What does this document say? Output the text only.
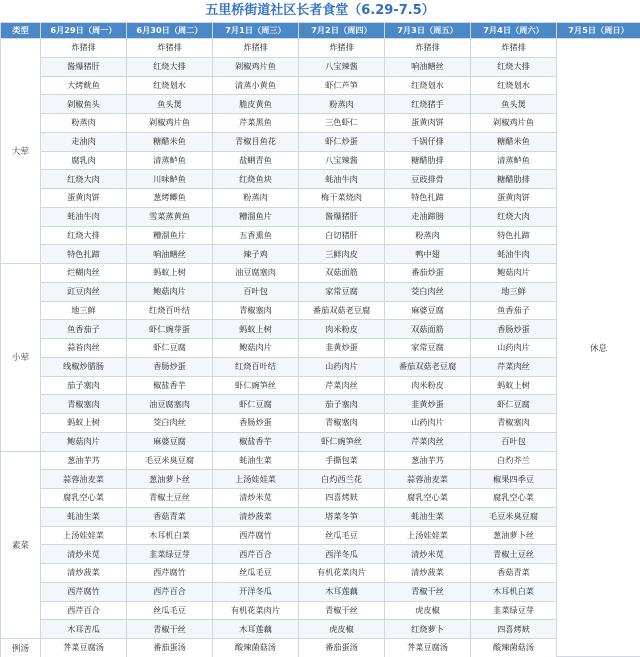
五里桥街道社区长者食堂（6.29-7.5）
类型	6月29日（周一）	6月30日（周二）	7月1日（周三）	7月2日（周四）	7月3日（周五）	7月4日（周六）	7月5日（周日）
大荤	炸猪排	炸猪排	炸猪排	炸猪排	炸猪排	炸猪排	休息
	酱爆猪肝	红烧大排	剁椒鸡片鱼	八宝辣酱	响油鳝丝	红烧大排	
	大烤鱿鱼	红烧划水	清蒸小黄鱼	虾仁芦笋	红烧划水	红烧划水	
	剁椒鱼头	鱼头煲	脆皮黄鱼	粉蒸肉	红烧猪手	鱼头煲	
	粉蒸肉	剁椒鸡片鱼	芹菜黑鱼	三色虾仁	蛋黄肉饼	剁椒鸡片鱼	
	走油肉	糖醋米鱼	青椒目鱼花	虾仁炒蛋	千锅仔排	糖醋米鱼	
	腐乳肉	清蒸鲈鱼	盐蜊青鱼	八宝辣酱	糖醋肋排	清蒸鲈鱼	
	红烧大肉	川味鲈鱼	红烧鱼块	蚝油牛肉	豆豉排骨	糖醋肋排	
	蛋黄肉饼	葱烤鲫鱼	粉蒸肉	梅干菜烧肉	特色扎蹄	蛋黄肉饼	
	蚝油牛肉	雪菜蒸黄鱼	糟溜鱼片	酱爆猪肝	走油蹄膀	红烧大肉	
	红烧大排	糟溜鱼片	五香熏鱼	白切猪肝	粉蒸肉	特色扎蹄	
	特色扎蹄	响油鳝丝	辣子鸡	三鲜肉皮	鸭中翅	蚝油牛肉	
小荤	烂糊肉丝	蚂蚁上树	油豆腐塞肉	双菇面筋	番茄炒蛋	鲍菇肉片	
	豇豆肉丝	鲍菇肉片	百叶包	家常豆腐	茭白肉丝	地三鲜	
	地三鲜	红烧百叶结	青椒塞肉	番茄双菇老豆腐	麻婆豆腐	鱼香茄子	
	鱼香茄子	虾仁豌芽蛋	蚂蚁上树	肉米粉皮	双菇面筋	香肠炒蛋	
	蒜苔肉丝	虾仁豆腐	鲍菇肉片	韭黄炒蛋	家常豆腐	山药肉片	
	线椒炒腊肠	香肠炒蛋	红烧百叶结	山药肉片	番茄双菇老豆腐	芹菜肉丝	
	茄子塞肉	椒盐香芋	虾仁豌笋丝	芹菜肉丝	肉米粉皮	蚂蚁上树	
	青椒塞肉	油豆腐塞肉	虾仁豆腐	茄子塞肉	韭黄炒蛋	虾仁豆腐	
	蚂蚁上树	茭白肉丝	香肠炒蛋	青椒塞肉	山药肉片	青椒塞肉	
	鲍菇肉片	麻婆豆腐	椒盐香芋	虾仁豌笋丝	芹菜肉丝	百叶包	
素菜	葱油芋艿	毛豆米臭豆腐	蚝油生菜	手撕包菜	葱油芋艿	白灼芥兰	
	蒜蓉油麦菜	葱油萝卜丝	上汤娃娃菜	白灼西兰花	蒜蓉油麦菜	椒果四季豆	
	腐乳空心菜	青椒土豆丝	清炒米苋	四喜烤麸	腐乳空心菜	腐乳空心菜	
	蚝油生菜	香菇青菜	清炒菠菜	塔菜冬笋	蚝油生菜	毛豆米臭豆腐	
	上汤娃娃菜	木耳机白菜	西芹腐竹	丝瓜毛豆	上汤娃娃菜	葱油萝卜丝	
	清炒米苋	韭菜绿豆芽	西芹百合	西洋冬瓜	清炒米苋	青椒土豆丝	
	清炒菠菜	西芹腐竹	丝瓜毛豆	有机花菜肉片	清炒菠菜	香菇青菜	
	西芹腐竹	西芹百合	开洋冬瓜	木耳莲藕	青椒干丝	木耳机白菜	
	西芹百合	丝瓜毛豆	有机花菜肉片	青椒干丝	虎皮椒	韭菜绿豆芽	
	木耳苦瓜	青椒干丝	木耳莲藕	虎皮椒	红烧萝卜	四喜烤麸	
例汤	荠菜豆腐汤	番茄蛋汤	酸辣菌菇汤	番茄蛋汤	荠菜豆腐汤	酸辣菌菇汤	
